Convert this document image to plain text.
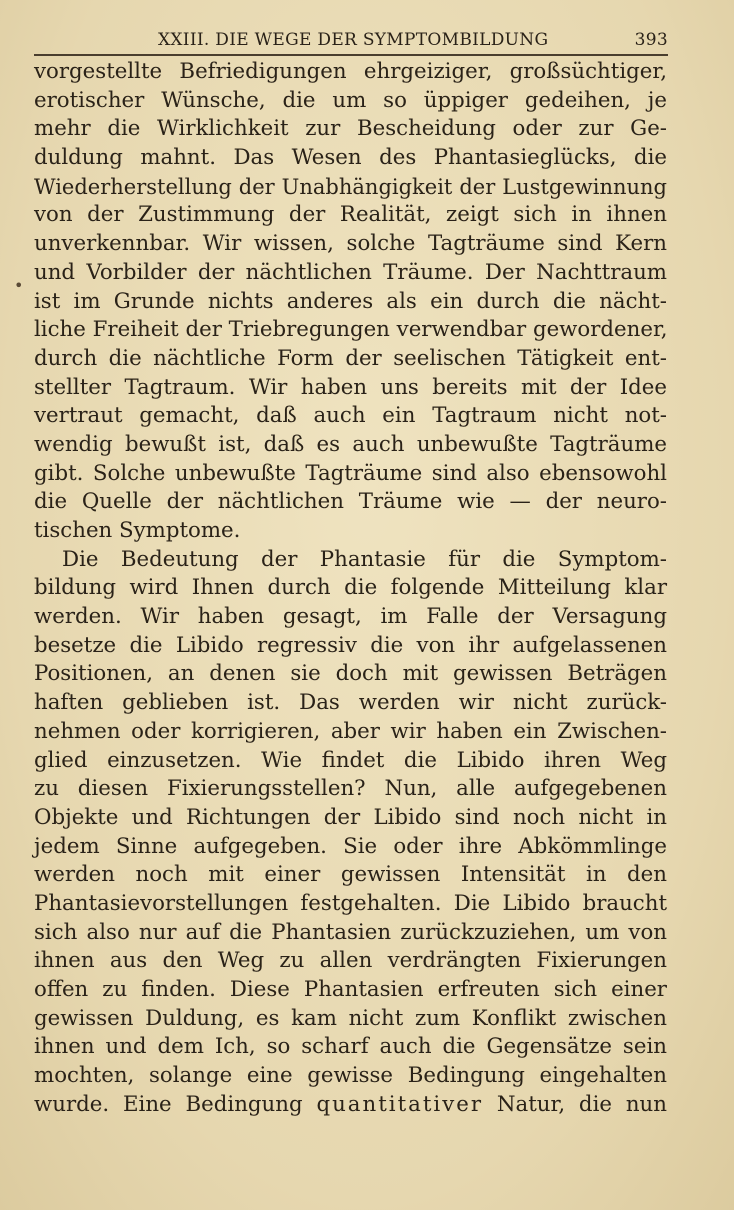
XXIII. DIE WEGE DER SYMPTOMBILDUNG	393
•
vorgestellte Befriedigungen ehrgeiziger, großsüchtiger,
erotischer Wünsche, die um so üppiger gedeihen, je
mehr die Wirklichkeit zur Bescheidung oder zur Ge-
duldung mahnt. Das Wesen des Phantasieglücks, die
Wiederherstellung der Unabhängigkeit der Lustgewinnung
von der Zustimmung der Realität, zeigt sich in ihnen
unverkennbar. Wir wissen, solche Tagträume sind Kern
und Vorbilder der nächtlichen Träume. Der Nachttraum
ist im Grunde nichts anderes als ein durch die nächt-
liche Freiheit der Triebregungen verwendbar gewordener,
durch die nächtliche Form der seelischen Tätigkeit ent-
stellter Tagtraum. Wir haben uns bereits mit der Idee
vertraut gemacht, daß auch ein Tagtraum nicht not-
wendig bewußt ist, daß es auch unbewußte Tagträume
gibt. Solche unbewußte Tagträume sind also ebensowohl
die Quelle der nächtlichen Träume wie — der neuro-
tischen Symptome.
Die Bedeutung der Phantasie für die Symptom-
bildung wird Ihnen durch die folgende Mitteilung klar
werden. Wir haben gesagt, im Falle der Versagung
besetze die Libido regressiv die von ihr aufgelassenen
Positionen, an denen sie doch mit gewissen Beträgen
haften geblieben ist. Das werden wir nicht zurück-
nehmen oder korrigieren, aber wir haben ein Zwischen-
glied einzusetzen. Wie findet die Libido ihren Weg
zu diesen Fixierungsstellen? Nun, alle aufgegebenen
Objekte und Richtungen der Libido sind noch nicht in
jedem Sinne aufgegeben. Sie oder ihre Abkömmlinge
werden noch mit einer gewissen Intensität in den
Phantasievorstellungen festgehalten. Die Libido braucht
sich also nur auf die Phantasien zurückzuziehen, um von
ihnen aus den Weg zu allen verdrängten Fixierungen
offen zu finden. Diese Phantasien erfreuten sich einer
gewissen Duldung, es kam nicht zum Konflikt zwischen
ihnen und dem Ich, so scharf auch die Gegensätze sein
mochten, solange eine gewisse Bedingung eingehalten
wurde. Eine Bedingung quantitativer Natur, die nun
